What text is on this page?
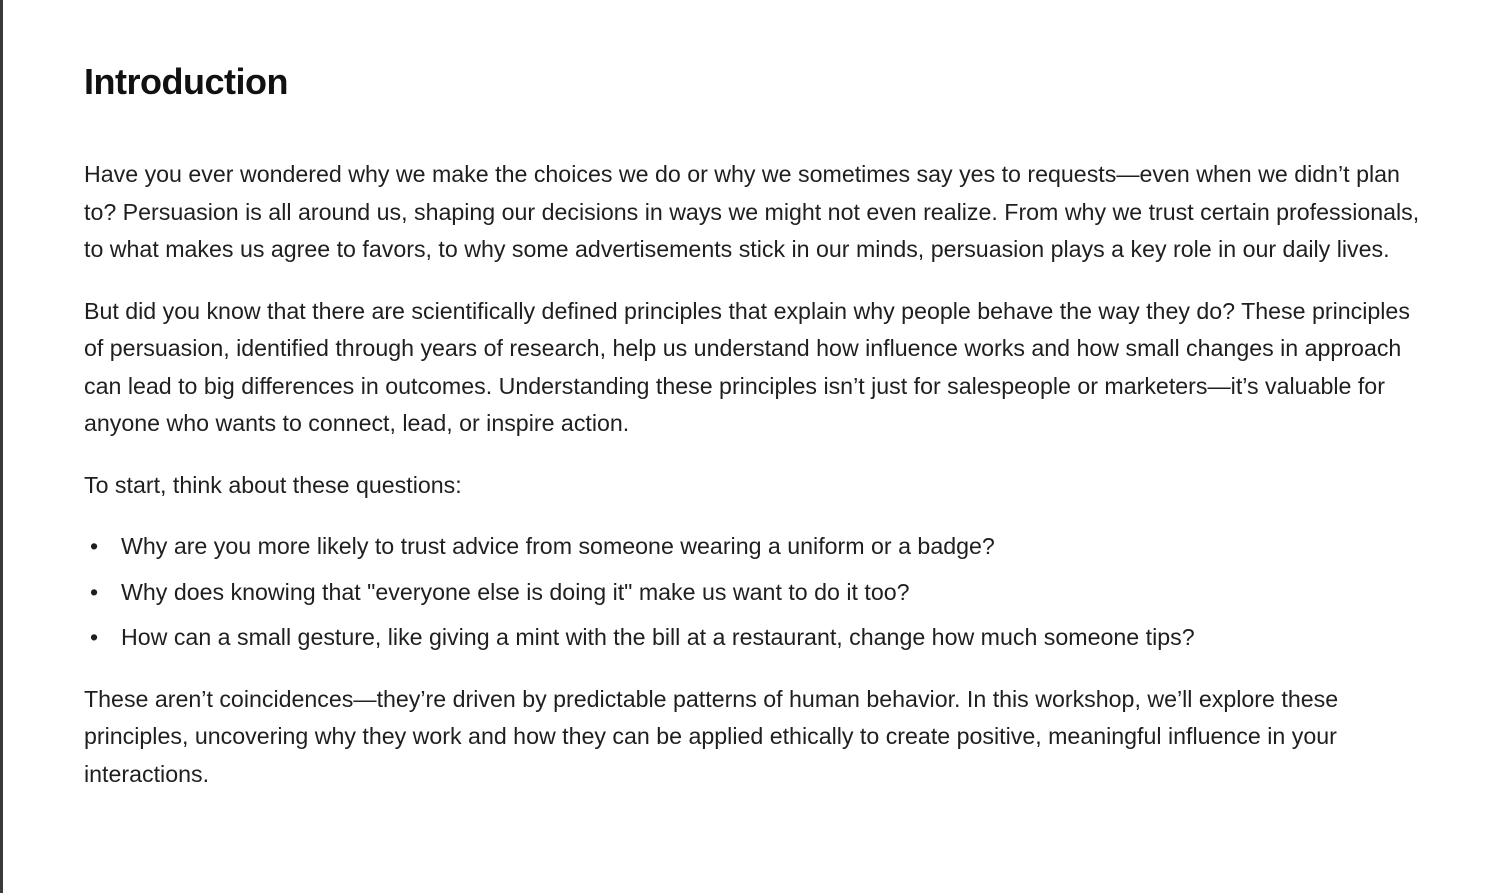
Introduction

Have you ever wondered why we make the choices we do or why we sometimes say yes to requests—even when we didn’t plan to? Persuasion is all around us, shaping our decisions in ways we might not even realize. From why we trust certain professionals, to what makes us agree to favors, to why some advertisements stick in our minds, persuasion plays a key role in our daily lives.

But did you know that there are scientifically defined principles that explain why people behave the way they do? These principles of persuasion, identified through years of research, help us understand how influence works and how small changes in approach can lead to big differences in outcomes. Understanding these principles isn’t just for salespeople or marketers—it’s valuable for anyone who wants to connect, lead, or inspire action.

To start, think about these questions:

• Why are you more likely to trust advice from someone wearing a uniform or a badge?
• Why does knowing that "everyone else is doing it" make us want to do it too?
• How can a small gesture, like giving a mint with the bill at a restaurant, change how much someone tips?

These aren’t coincidences—they’re driven by predictable patterns of human behavior. In this workshop, we’ll explore these principles, uncovering why they work and how they can be applied ethically to create positive, meaningful influence in your interactions.
